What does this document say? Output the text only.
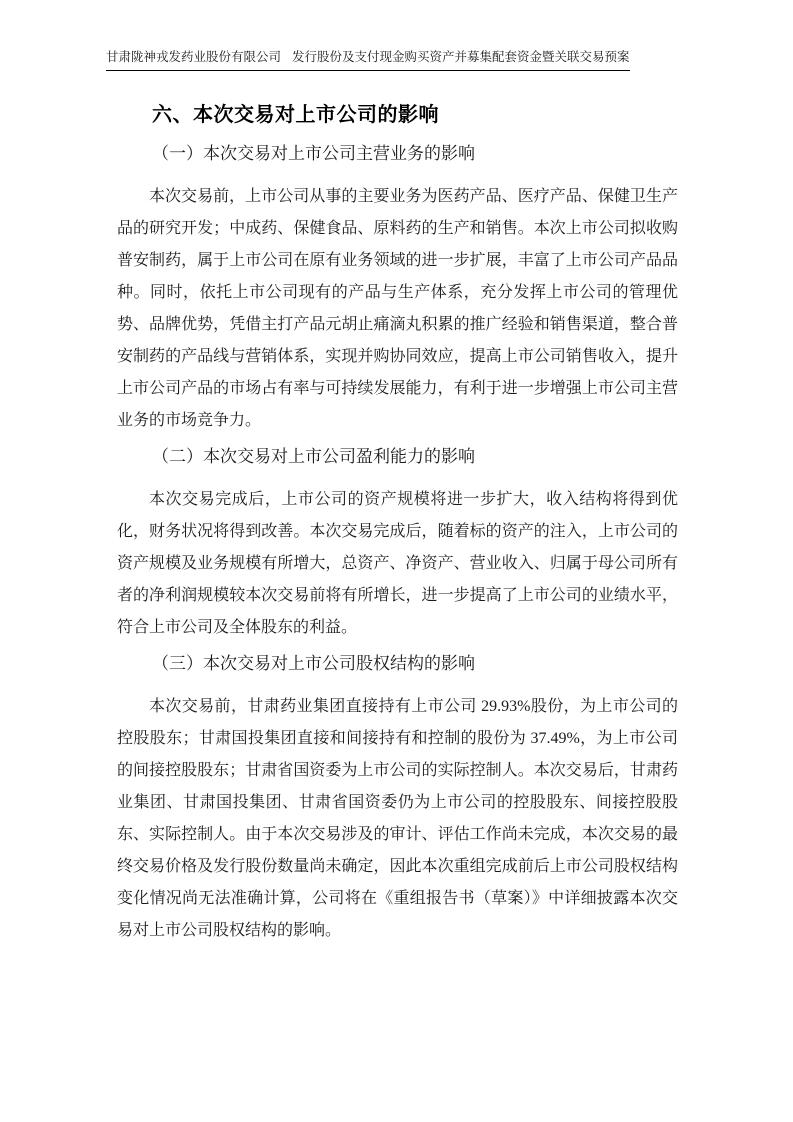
甘肃陇神戎发药业股份有限公司 发行股份及支付现金购买资产并募集配套资金暨关联交易预案
六、本次交易对上市公司的影响
（一）本次交易对上市公司主营业务的影响

本次交易前，上市公司从事的主要业务为医药产品、医疗产品、保健卫生产品的研究开发；中成药、保健食品、原料药的生产和销售。本次上市公司拟收购普安制药，属于上市公司在原有业务领域的进一步扩展，丰富了上市公司产品品种。同时，依托上市公司现有的产品与生产体系，充分发挥上市公司的管理优势、品牌优势，凭借主打产品元胡止痛滴丸积累的推广经验和销售渠道，整合普安制药的产品线与营销体系，实现并购协同效应，提高上市公司销售收入，提升上市公司产品的市场占有率与可持续发展能力，有利于进一步增强上市公司主营业务的市场竞争力。

（二）本次交易对上市公司盈利能力的影响

本次交易完成后，上市公司的资产规模将进一步扩大，收入结构将得到优化，财务状况将得到改善。本次交易完成后，随着标的资产的注入，上市公司的资产规模及业务规模有所增大，总资产、净资产、营业收入、归属于母公司所有者的净利润规模较本次交易前将有所增长，进一步提高了上市公司的业绩水平，符合上市公司及全体股东的利益。

（三）本次交易对上市公司股权结构的影响

本次交易前，甘肃药业集团直接持有上市公司 29.93%股份，为上市公司的控股股东；甘肃国投集团直接和间接持有和控制的股份为 37.49%，为上市公司的间接控股股东；甘肃省国资委为上市公司的实际控制人。本次交易后，甘肃药业集团、甘肃国投集团、甘肃省国资委仍为上市公司的控股股东、间接控股股东、实际控制人。由于本次交易涉及的审计、评估工作尚未完成，本次交易的最终交易价格及发行股份数量尚未确定，因此本次重组完成前后上市公司股权结构变化情况尚无法准确计算，公司将在《重组报告书（草案）》中详细披露本次交易对上市公司股权结构的影响。
